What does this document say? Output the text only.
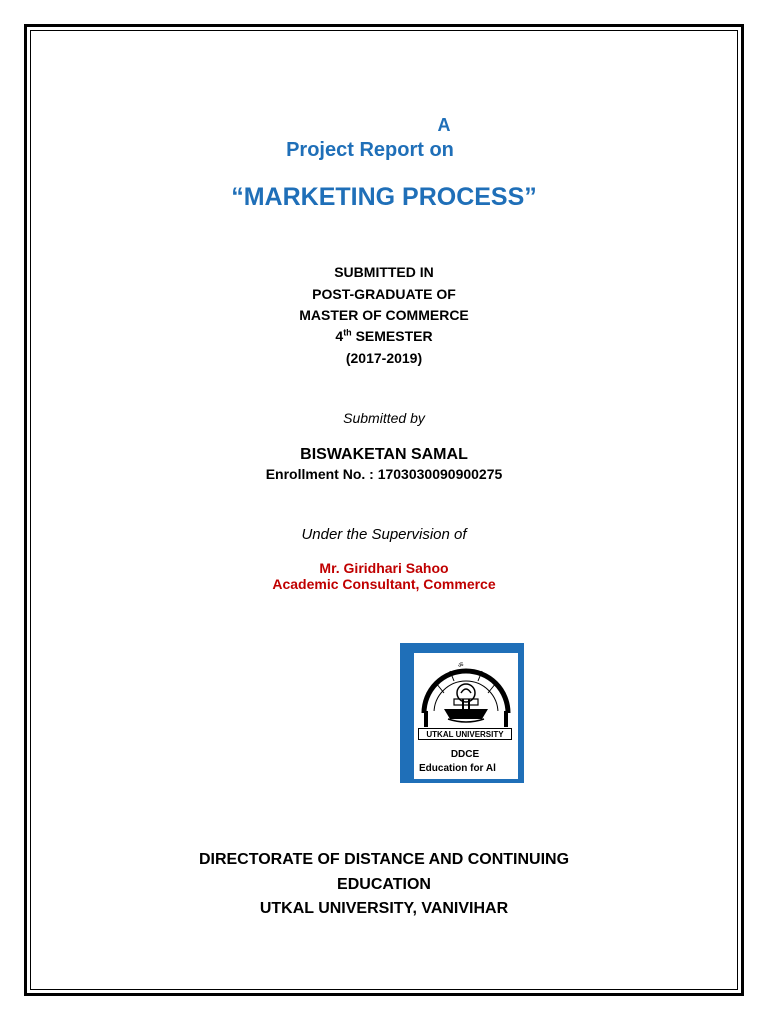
A
Project Report on
“MARKETING PROCESS”
SUBMITTED IN
POST-GRADUATE OF
MASTER OF COMMERCE
4th SEMESTER
(2017-2019)
Submitted by
BISWAKETAN SAMAL
Enrollment No. : 1703030090900275
Under the Supervision of
Mr. Giridhari Sahoo
Academic Consultant, Commerce
ॐ
UTKAL UNIVERSITY
DDCE
Education for Al
DIRECTORATE OF DISTANCE AND CONTINUING
EDUCATION
UTKAL UNIVERSITY, VANIVIHAR
